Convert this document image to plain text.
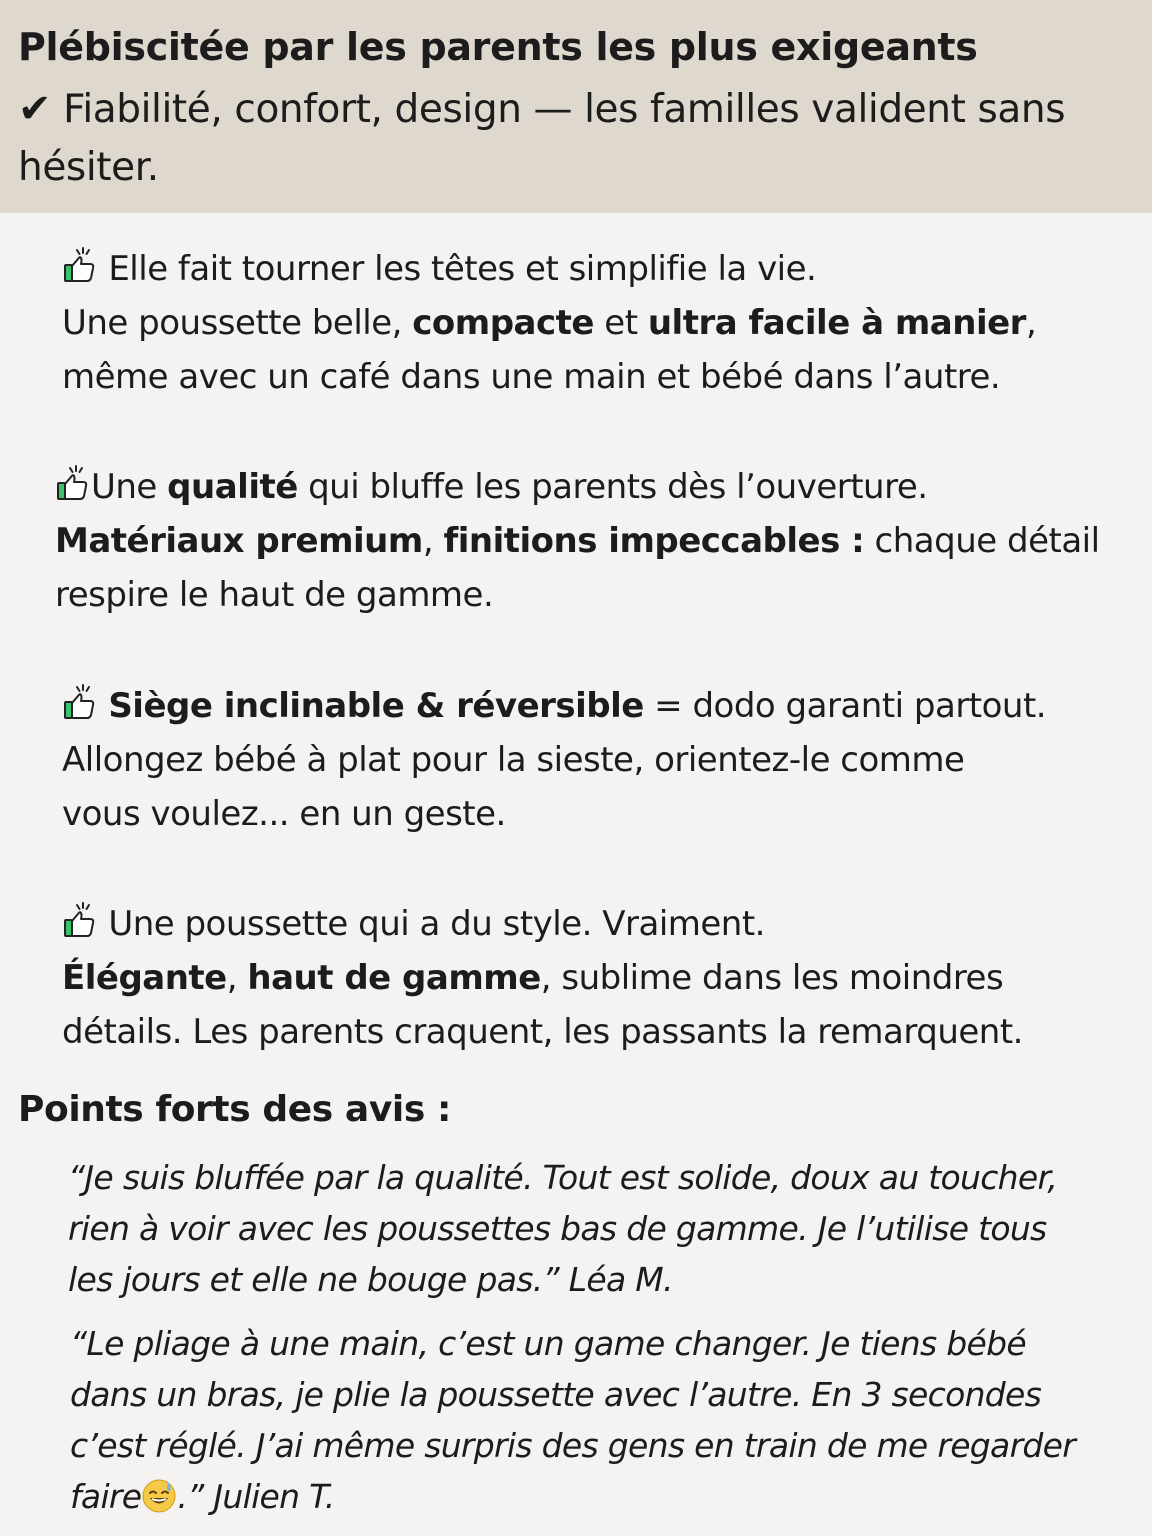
Plébiscitée par les parents les plus exigeants
✔ Fiabilité, confort, design — les familles valident sans hésiter.
Elle fait tourner les têtes et simplifie la vie.
Une poussette belle, compacte et ultra facile à manier,
même avec un café dans une main et bébé dans l’autre.
Une qualité qui bluffe les parents dès l’ouverture.
Matériaux premium, finitions impeccables : chaque détail
respire le haut de gamme.
Siège inclinable & réversible = dodo garanti partout.
Allongez bébé à plat pour la sieste, orientez-le comme
vous voulez... en un geste.
Une poussette qui a du style. Vraiment.
Élégante, haut de gamme, sublime dans les moindres
détails. Les parents craquent, les passants la remarquent.
Points forts des avis :
“Je suis bluffée par la qualité. Tout est solide, doux au toucher,
rien à voir avec les poussettes bas de gamme. Je l’utilise tous
les jours et elle ne bouge pas.” Léa M.
“Le pliage à une main, c’est un game changer. Je tiens bébé
dans un bras, je plie la poussette avec l’autre. En 3 secondes
c’est réglé. J’ai même surpris des gens en train de me regarder
faire .” Julien T.
